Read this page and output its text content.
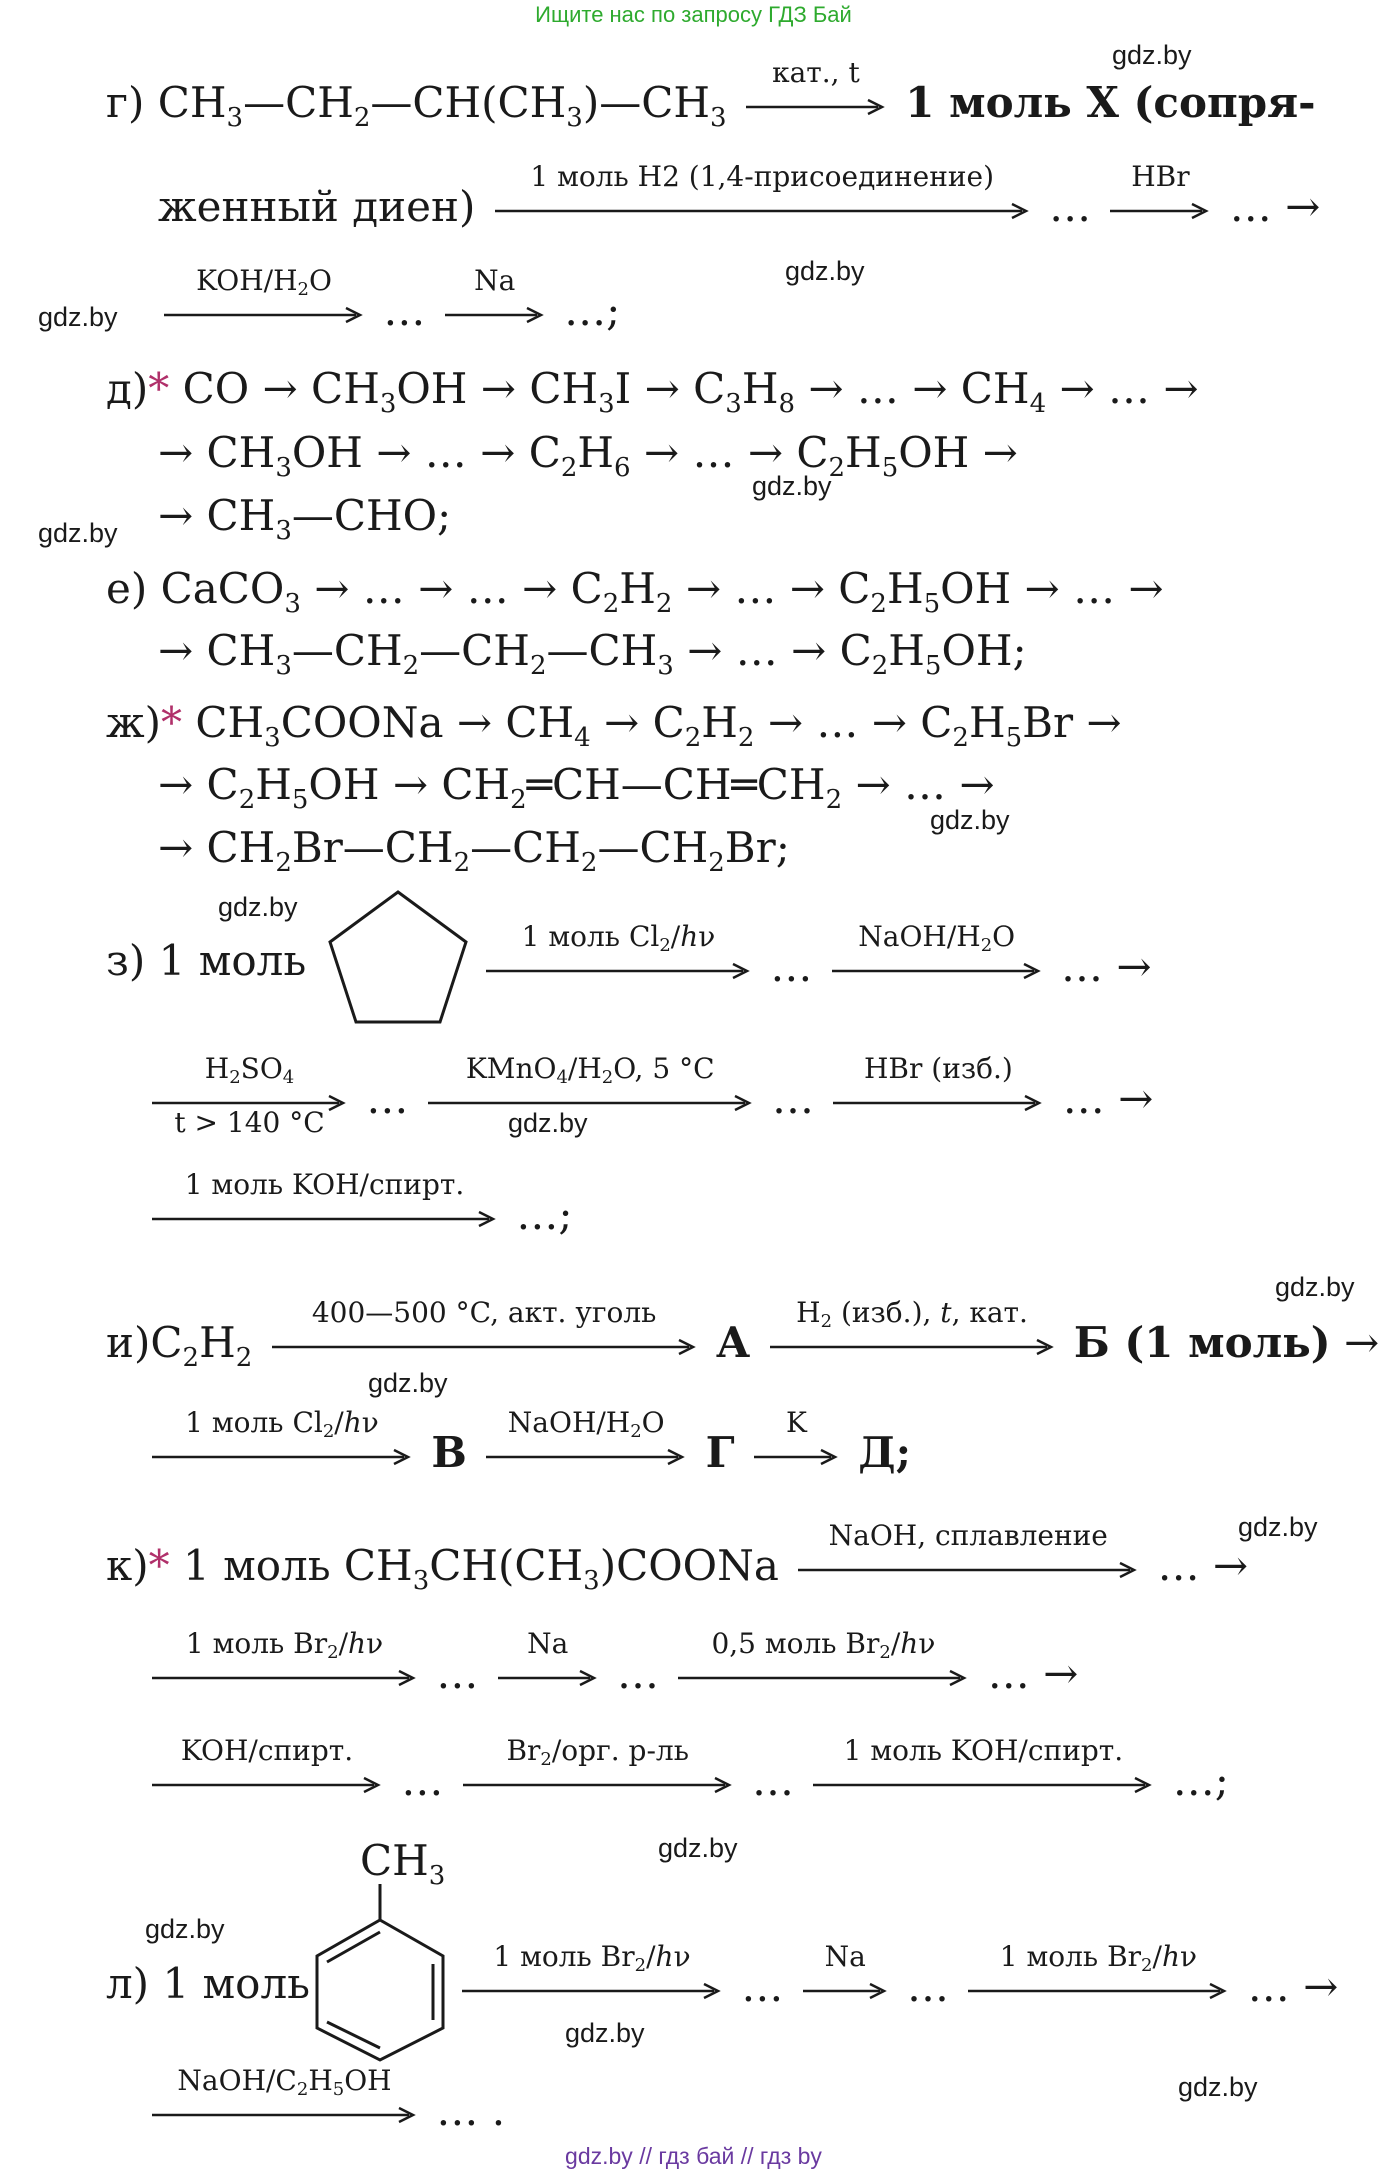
Ищите нас по запросу ГДЗ Бай
gdz.by
gdz.by
gdz.by
gdz.by
gdz.by
gdz.by
gdz.by
gdz.by
gdz.by
gdz.by
gdz.by
gdz.by
gdz.by
gdz.by
gdz.by
г) $CH_3—CH_2—CH(CH_3)—CH_3$
кат., t
1 моль X (сопря-
женный диен)
1 моль H2 (1,4-присоединение)
…
HBr
… →
KOH/$H_2O$
…
Na
…;
д)* CO → $CH_3OH \to CH_3I \to C_3H_8$ → … → $CH_4$ → … →
→ $CH_3OH$ → … → $C_2H_6$ → … → $C_2H_5OH$ →
→ $CH_3—CHO$;
е) CaCO$_3$ → … → … → $C_2H_2$ → … → $C_2H_5OH$ → … →
→ $CH_3—CH_2—CH_2—CH_3$ → … → $C_2H_5OH$;
ж)* $CH_3COONa \to CH_4 \to C_2H_2$ → … → $C_2H_5Br$ →
→ $C_2H_5OH$ → $CH_2═CH—CH═CH_2$ → … →
→ $CH_2Br—CH_2—CH_2—CH_2Br$;
з) 1 моль	1 моль $Cl_2/h\nu$
…
NaOH/$H_2O$
… →
$H_2SO_4$
t > 140 °C …
$KMnO_4/H_2O$, 5 °C
…
HBr (изб.)
… →
1 моль KOH/спирт.
…;
$и)C_2H_2$
400—500 °C, акт. уголь
А
$H_2$ (изб.), t, кат.
Б (1 моль) →
1 моль $Cl_2/h\nu$
В
NaOH/$H_2O$
Г
K
Д;
к)* 1 моль $CH_3CH(CH_3)COONa$
NaOH, сплавление
… →
1 моль $Br_2/h\nu$
…
Na
…
0,5 моль $Br_2/h\nu$
… →
KOH/спирт.
…
$Br_2$/орг. р-ль
…
1 моль KOH/спирт.
…;
$CH_3$
л) 1 моль
1 моль $Br_2/h\nu$
…
Na
…
1 моль $Br_2/h\nu$
… →
NaOH/$C_2H_5OH$
… .
gdz.by // гдз бай // гдз by
